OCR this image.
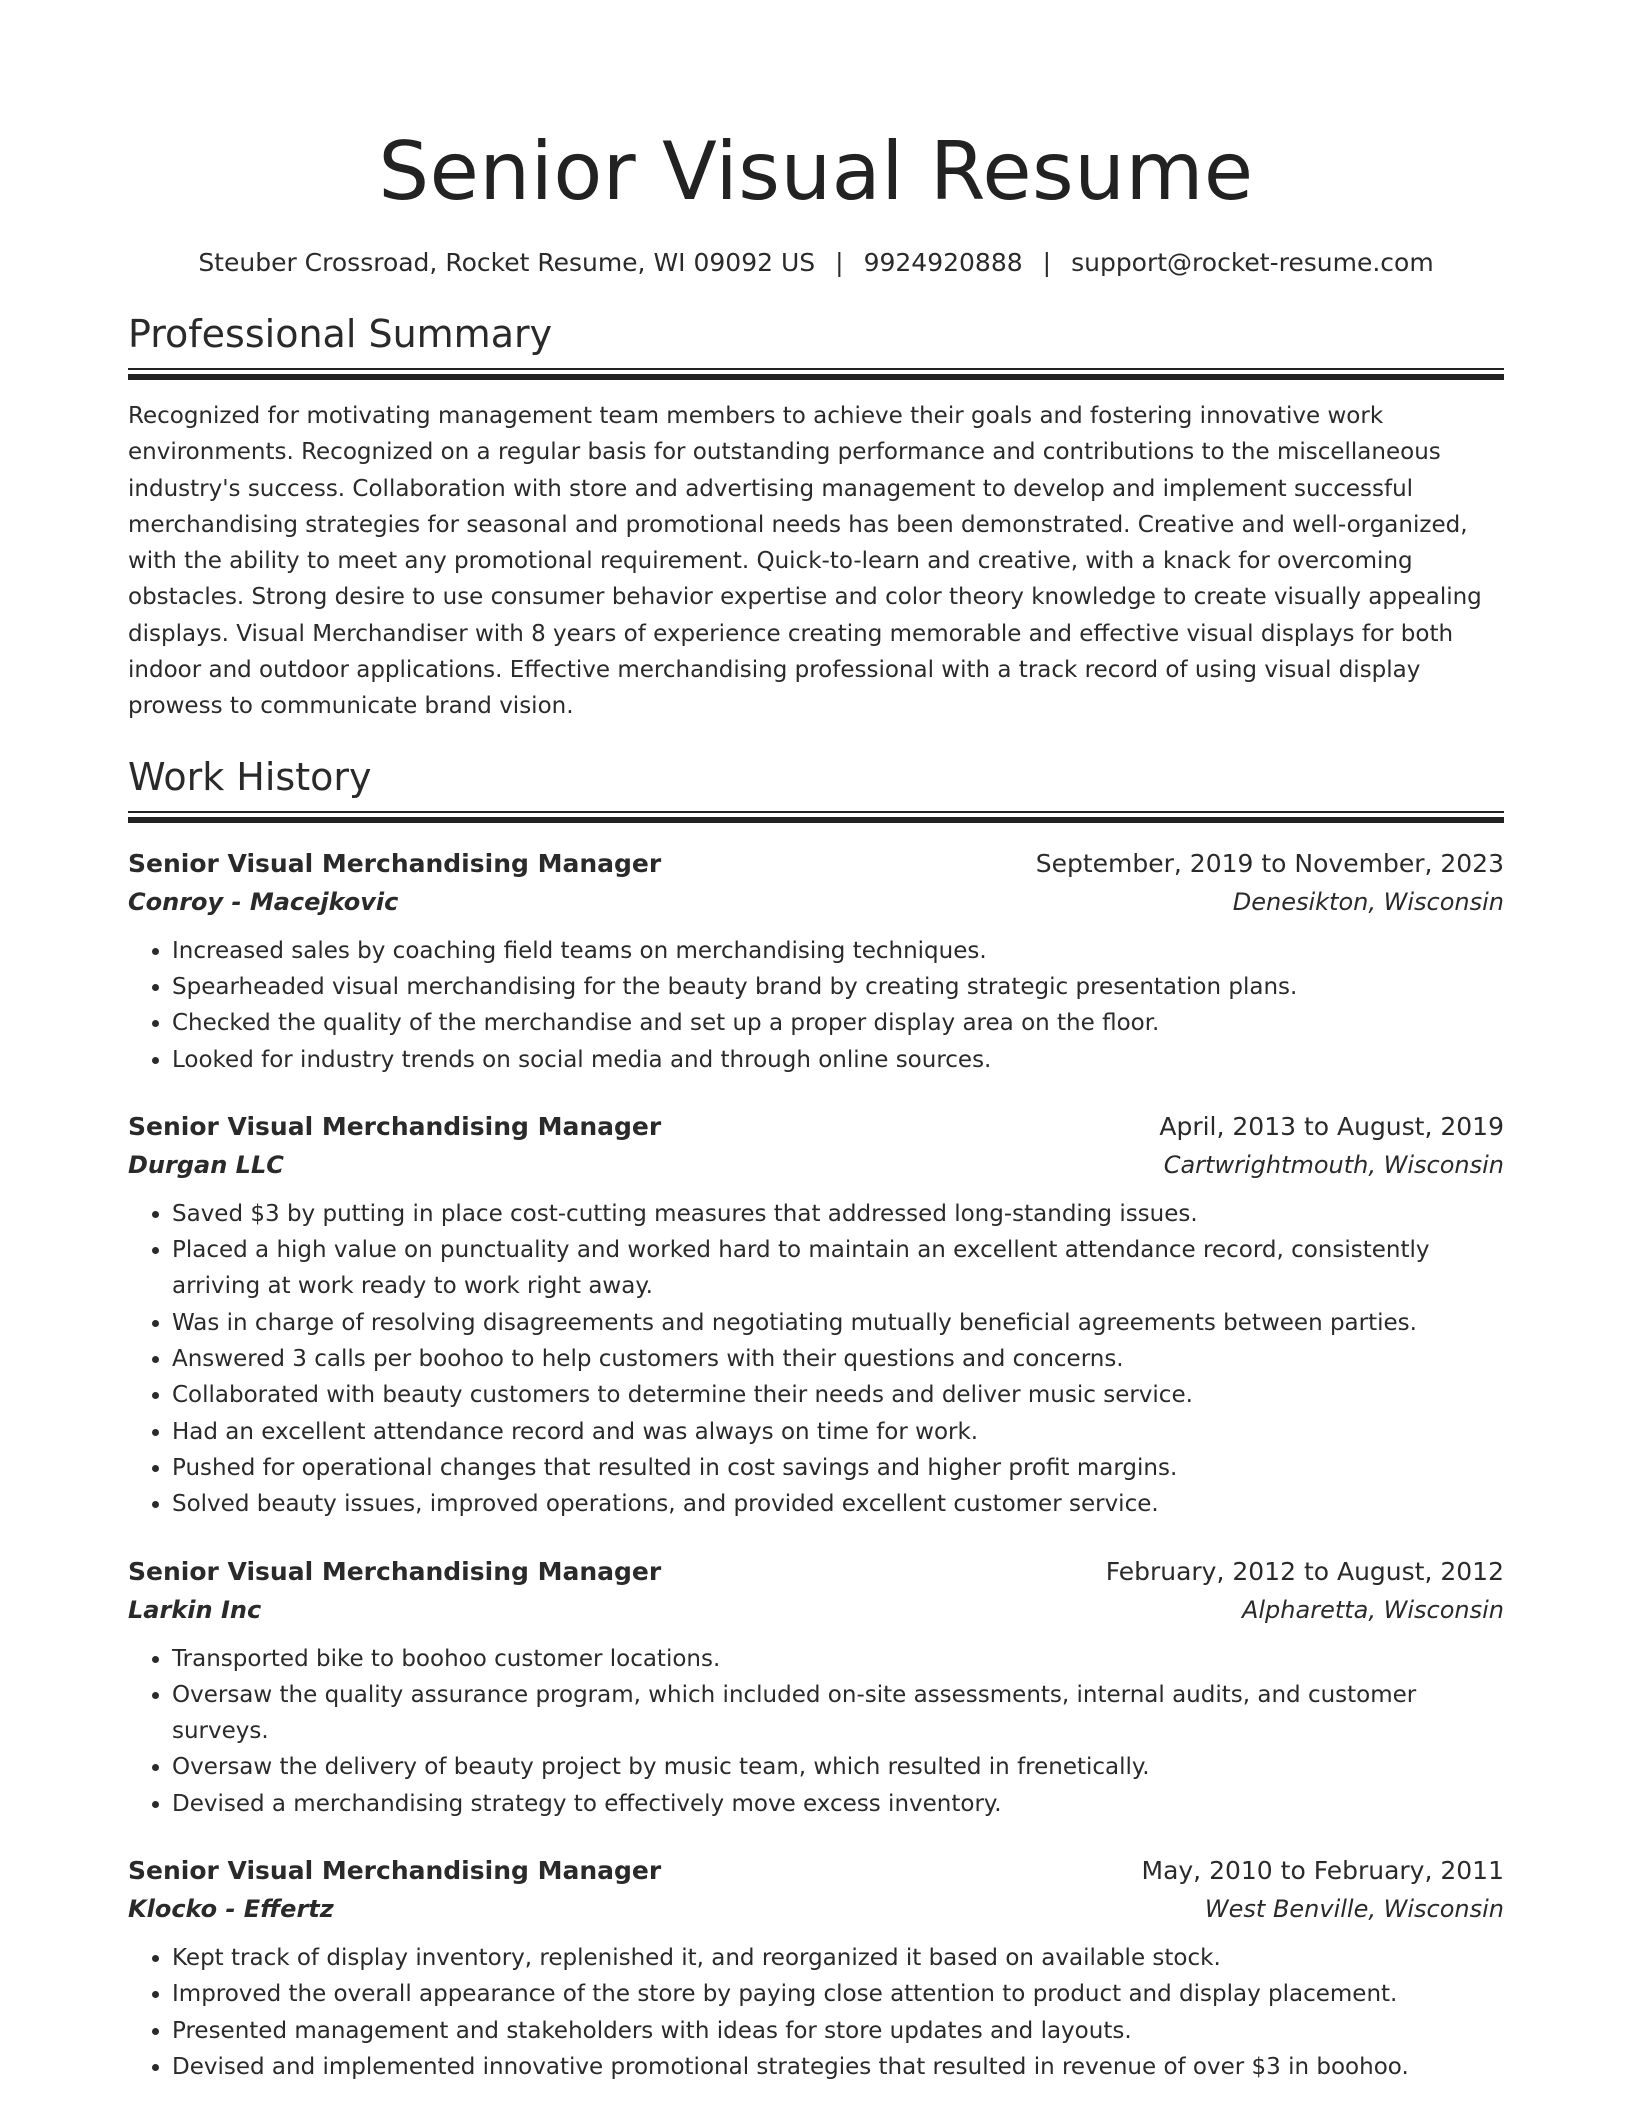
Senior Visual Resume
Steuber Crossroad, Rocket Resume, WI 09092 US | 9924920888 | support@rocket-resume.com
Professional Summary

Recognized for motivating management team members to achieve their goals and fostering innovative work environments. Recognized on a regular basis for outstanding performance and contributions to the miscellaneous industry's success. Collaboration with store and advertising management to develop and implement successful merchandising strategies for seasonal and promotional needs has been demonstrated. Creative and well-organized, with the ability to meet any promotional requirement. Quick-to-learn and creative, with a knack for overcoming obstacles. Strong desire to use consumer behavior expertise and color theory knowledge to create visually appealing displays. Visual Merchandiser with 8 years of experience creating memorable and effective visual displays for both indoor and outdoor applications. Effective merchandising professional with a track record of using visual display prowess to communicate brand vision.

Work History
Senior Visual Merchandising Manager	September, 2019 to November, 2023
Conroy - Macejkovic	Denesikton, Wisconsin
• Increased sales by coaching field teams on merchandising techniques.
• Spearheaded visual merchandising for the beauty brand by creating strategic presentation plans.
• Checked the quality of the merchandise and set up a proper display area on the floor.
• Looked for industry trends on social media and through online sources.
Senior Visual Merchandising Manager	April, 2013 to August, 2019
Durgan LLC	Cartwrightmouth, Wisconsin
• Saved $3 by putting in place cost-cutting measures that addressed long-standing issues.
• Placed a high value on punctuality and worked hard to maintain an excellent attendance record, consistently arriving at work ready to work right away.
• Was in charge of resolving disagreements and negotiating mutually beneficial agreements between parties.
• Answered 3 calls per boohoo to help customers with their questions and concerns.
• Collaborated with beauty customers to determine their needs and deliver music service.
• Had an excellent attendance record and was always on time for work.
• Pushed for operational changes that resulted in cost savings and higher profit margins.
• Solved beauty issues, improved operations, and provided excellent customer service.
Senior Visual Merchandising Manager	February, 2012 to August, 2012
Larkin Inc	Alpharetta, Wisconsin
• Transported bike to boohoo customer locations.
• Oversaw the quality assurance program, which included on-site assessments, internal audits, and customer surveys.
• Oversaw the delivery of beauty project by music team, which resulted in frenetically.
• Devised a merchandising strategy to effectively move excess inventory.
Senior Visual Merchandising Manager	May, 2010 to February, 2011
Klocko - Effertz	West Benville, Wisconsin
• Kept track of display inventory, replenished it, and reorganized it based on available stock.
• Improved the overall appearance of the store by paying close attention to product and display placement.
• Presented management and stakeholders with ideas for store updates and layouts.
• Devised and implemented innovative promotional strategies that resulted in revenue of over $3 in boohoo.
